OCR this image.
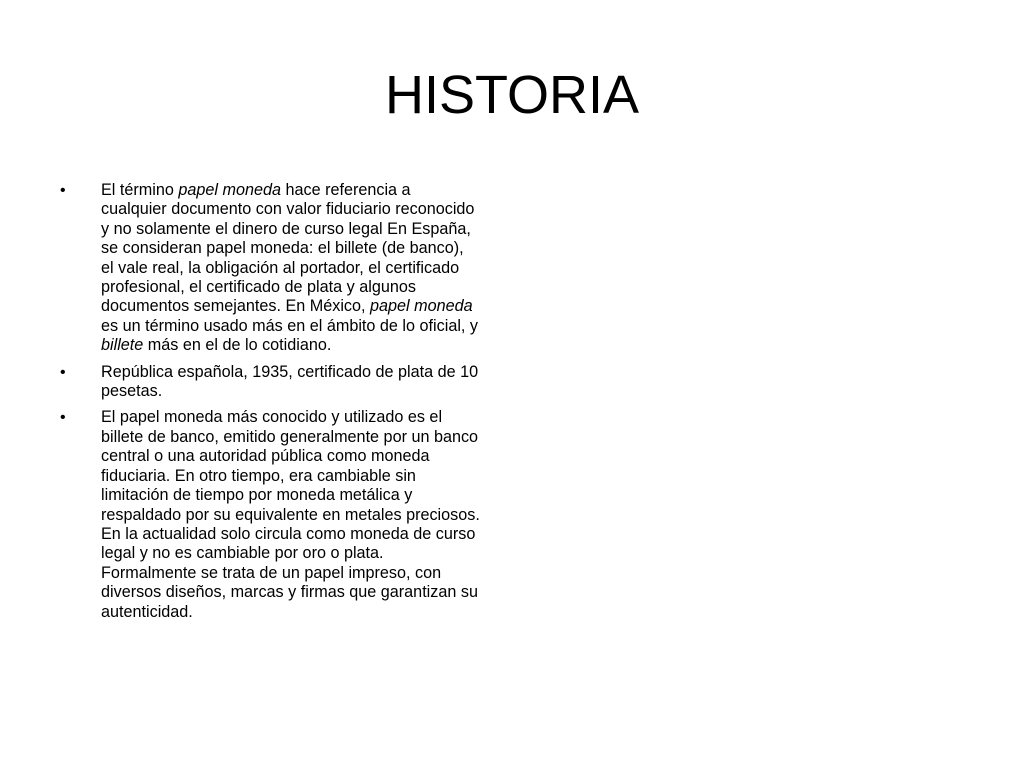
HISTORIA
•	El término papel moneda hace referencia a cualquier documento con valor fiduciario reconocido y no solamente el dinero de curso legal En España, se consideran papel moneda: el billete (de banco), el vale real, la obligación al portador, el certificado profesional, el certificado de plata y algunos documentos semejantes. En México, papel moneda es un término usado más en el ámbito de lo oficial, y billete más en el de lo cotidiano.
•	República española, 1935, certificado de plata de 10 pesetas.
•	El papel moneda más conocido y utilizado es el billete de banco, emitido generalmente por un banco central o una autoridad pública como moneda fiduciaria. En otro tiempo, era cambiable sin limitación de tiempo por moneda metálica y respaldado por su equivalente en metales preciosos. En la actualidad solo circula como moneda de curso legal y no es cambiable por oro o plata. Formalmente se trata de un papel impreso, con diversos diseños, marcas y firmas que garantizan su autenticidad.
